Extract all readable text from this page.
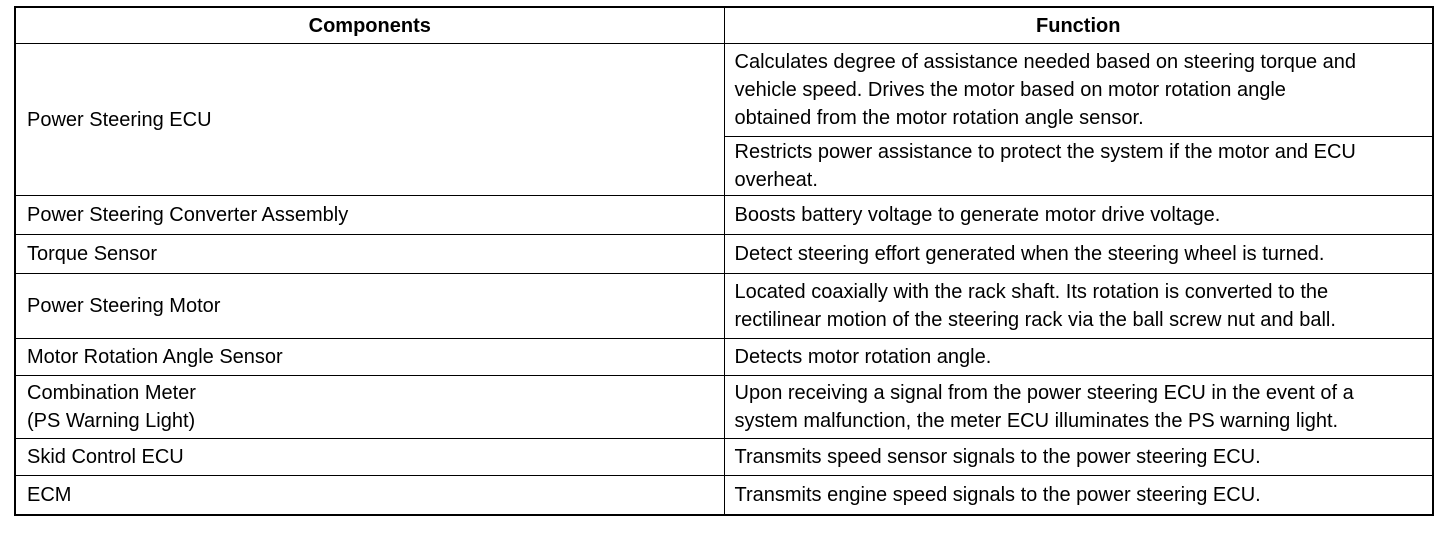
Components	Function

Power Steering ECU	Calculates degree of assistance needed based on steering torque and
vehicle speed. Drives the motor based on motor rotation angle
obtained from the motor rotation angle sensor.

	Restricts power assistance to protect the system if the motor and ECU
overheat.

Power Steering Converter Assembly	Boosts battery voltage to generate motor drive voltage.

Torque Sensor	Detect steering effort generated when the steering wheel is turned.

Power Steering Motor	Located coaxially with the rack shaft. Its rotation is converted to the
rectilinear motion of the steering rack via the ball screw nut and ball.

Motor Rotation Angle Sensor	Detects motor rotation angle.

Combination Meter
(PS Warning Light)	Upon receiving a signal from the power steering ECU in the event of a
system malfunction, the meter ECU illuminates the PS warning light.

Skid Control ECU	Transmits speed sensor signals to the power steering ECU.

ECM	Transmits engine speed signals to the power steering ECU.
